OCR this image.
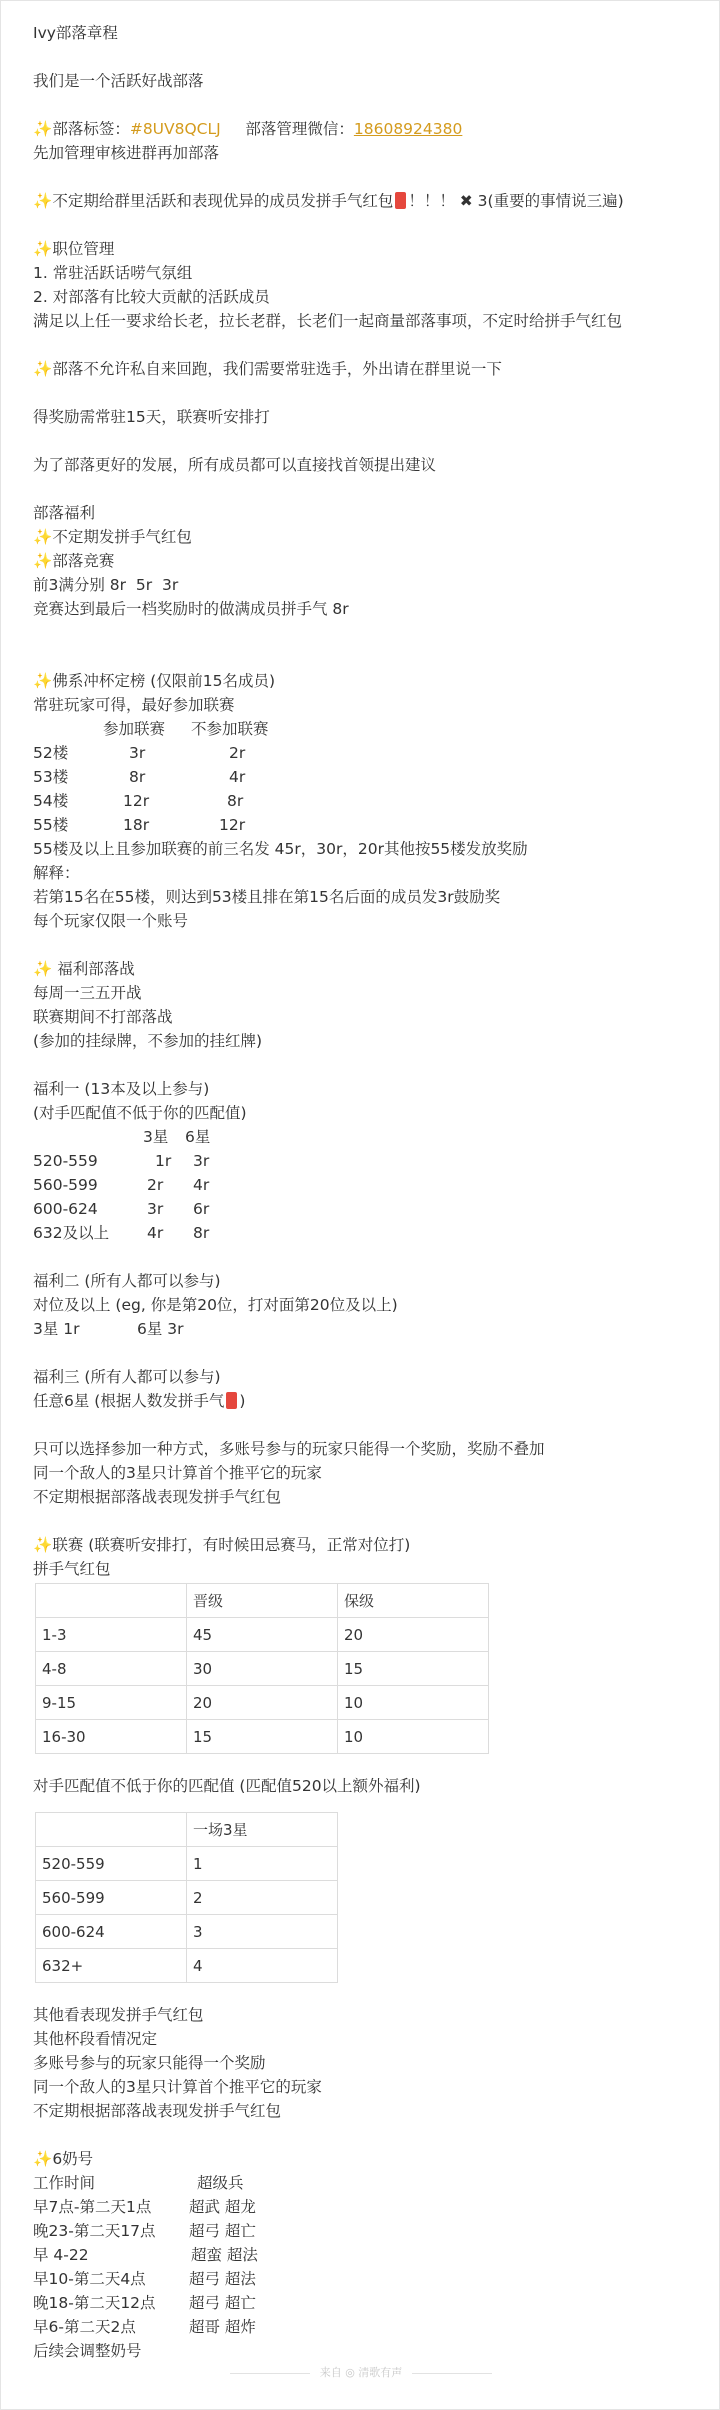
Ivy部落章程
我们是一个活跃好战部落
✨部落标签：#8UV8QCLJ 部落管理微信：18608924380
先加管理审核进群再加部落
✨不定期给群里活跃和表现优异的成员发拼手气红包 ！！！ ✖ 3(重要的事情说三遍)
✨职位管理
1. 常驻活跃话唠气氛组
2. 对部落有比较大贡献的活跃成员
满足以上任一要求给长老，拉长老群，长老们一起商量部落事项，不定时给拼手气红包
✨部落不允许私自来回跑，我们需要常驻选手，外出请在群里说一下
得奖励需常驻15天，联赛听安排打
为了部落更好的发展，所有成员都可以直接找首领提出建议
部落福利
✨不定期发拼手气红包
✨部落竞赛
前3满分别 8r  5r  3r
竞赛达到最后一档奖励时的做满成员拼手气 8r
✨佛系冲杯定榜 (仅限前15名成员)
常驻玩家可得，最好参加联赛
参加联赛 不参加联赛
52楼	3r	2r
53楼	8r	4r
54楼	12r	8r
55楼	18r	12r
55楼及以上且参加联赛的前三名发 45r，30r，20r其他按55楼发放奖励
解释：
若第15名在55楼，则达到53楼且排在第15名后面的成员发3r鼓励奖
每个玩家仅限一个账号
✨ 福利部落战
每周一三五开战
联赛期间不打部落战
(参加的挂绿牌，不参加的挂红牌)
福利一 (13本及以上参与)
(对手匹配值不低于你的匹配值)
3星 6星
520-559	1r 3r
560-599	2r 4r
600-624	3r 6r
632及以上 4r 8r
福利二 (所有人都可以参与)
对位及以上 (eg, 你是第20位，打对面第20位及以上)
3星 1r	6星 3r
福利三 (所有人都可以参与)
任意6星 (根据人数发拼手气 )
只可以选择参加一种方式，多账号参与的玩家只能得一个奖励，奖励不叠加
同一个敌人的3星只计算首个推平它的玩家
不定期根据部落战表现发拼手气红包
✨联赛 (联赛听安排打，有时候田忌赛马，正常对位打)
拼手气红包
	晋级	保级
1-3	45	20
4-8	30	15
9-15	20	10
16-30	15	10
对手匹配值不低于你的匹配值 (匹配值520以上额外福利)
	一场3星
520-559	1
560-599	2
600-624	3
632+	4
其他看表现发拼手气红包
其他杯段看情况定
多账号参与的玩家只能得一个奖励
同一个敌人的3星只计算首个推平它的玩家
不定期根据部落战表现发拼手气红包
✨6奶号
工作时间	超级兵
早7点-第二天1点 超武 超龙
晚23-第二天17点 超弓 超亡
早 4-22	超蛮 超法
早10-第二天4点	超弓 超法
晚18-第二天12点 超弓 超亡
早6-第二天2点	超哥 超炸
后续会调整奶号
来自 ◎ 清歌有声
